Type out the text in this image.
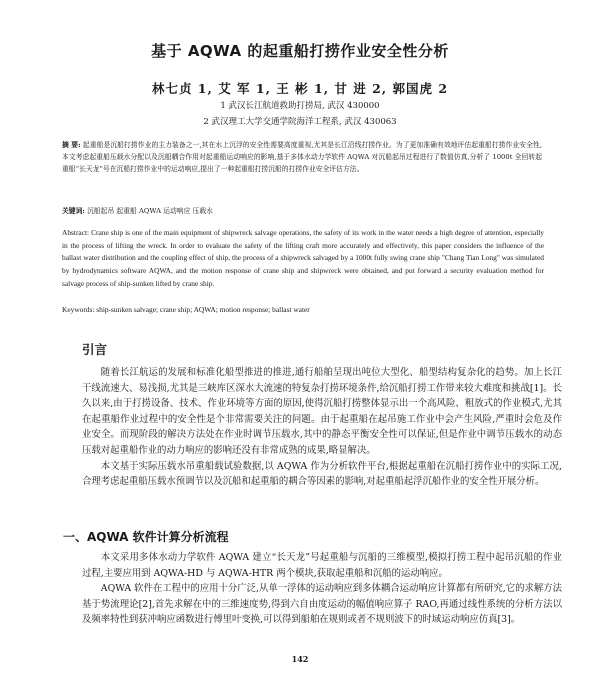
基于 AQWA 的起重船打捞作业安全性分析
林七贞 1, 艾 军 1, 王 彬 1, 甘 进 2, 郭国虎 2
1 武汉长江航道救助打捞局, 武汉 430000
2 武汉理工大学交通学院海洋工程系, 武汉 430063
摘 要: 起重船是沉船打捞作业的主力装备之一,其在水上沉浮的安全性需要高度重视,尤其是长江沿线打捞作业。为了更加准确有效地评估起重船打捞作业安全性,本文考虑起重船压载水分配以及沉船耦合作用对起重船运动响应的影响,基于多体水动力学软件 AQWA 对沉船起吊过程进行了数值仿真,分析了 1000t 全回转起重船“长天龙”号在沉船打捞作业中的运动响应,提出了一种起重船打捞沉船的打捞作业安全评估方法。
关键词: 沉船起吊 起重船 AQWA 运动响应 压载水
Abstract: Crane ship is one of the main equipment of shipwreck salvage operations, the safety of its work in the water needs a high degree of attention, especially in the process of lifting the wreck. In order to evaluate the safety of the lifting craft more accurately and effectively, this paper considers the influence of the ballast water distribution and the coupling effect of ship, the process of a shipwreck salvaged by a 1000t fully swing crane ship "Chang Tian Long" was simulated by hydrodynamics software AQWA, and the motion response of crane ship and shipwreck were obtained, and put forward a security evaluation method for salvage process of ship-sunken lifted by crane ship.
Keywords: ship-sunken salvage; crane ship; AQWA; motion response; ballast water
引言

随着长江航运的发展和标准化船型推进的推进,通行船舶呈现出吨位大型化、船型结构复杂化的趋势。加上长江干线流速大、易浅损,尤其是三峡库区深水大流速的特复杂打捞环境条件,给沉船打捞工作带来较大难度和挑战[1]。长久以来,由于打捞设备、技术、作业环境等方面的原因,使得沉船打捞整体显示出一个高风险、粗放式的作业模式,尤其在起重船作业过程中的安全性是个非常需要关注的问题。由于起重船在起吊施工作业中会产生风险,严重时会危及作业安全。而现阶段的解决方法处在作业时调节压载水,其中的静态平衡安全性可以保证,但是作业中调节压载水的动态压载对起重船作业的动力响应的影响还没有非常成熟的成果,略显解决。

本文基于实际压载水吊重船载试验数据,以 AQWA 作为分析软件平台,根据起重船在沉船打捞作业中的实际工况,合理考虑起重船压载水预调节以及沉船和起重船的耦合等因素的影响,对起重船起浮沉船作业的安全性开展分析。

一、AQWA 软件计算分析流程

本文采用多体水动力学软件 AQWA 建立“长天龙”号起重船与沉船的三维模型,模拟打捞工程中起吊沉船的作业过程,主要应用到 AQWA-HD 与 AQWA-HTR 两个模块,获取起重船和沉船的运动响应。

AQWA 软件在工程中的应用十分广泛,从单一浮体的运动响应到多体耦合运动响应计算都有所研究,它的求解方法基于势流理论[2],首先求解在中的三维速度势,得到六自由度运动的幅值响应算子 RAO,再通过线性系统的分析方法以及频率特性到获冲响应函数进行傅里叶变换,可以得到船舶在规则或者不规则波下的时域运动响应仿真[3]。

142
